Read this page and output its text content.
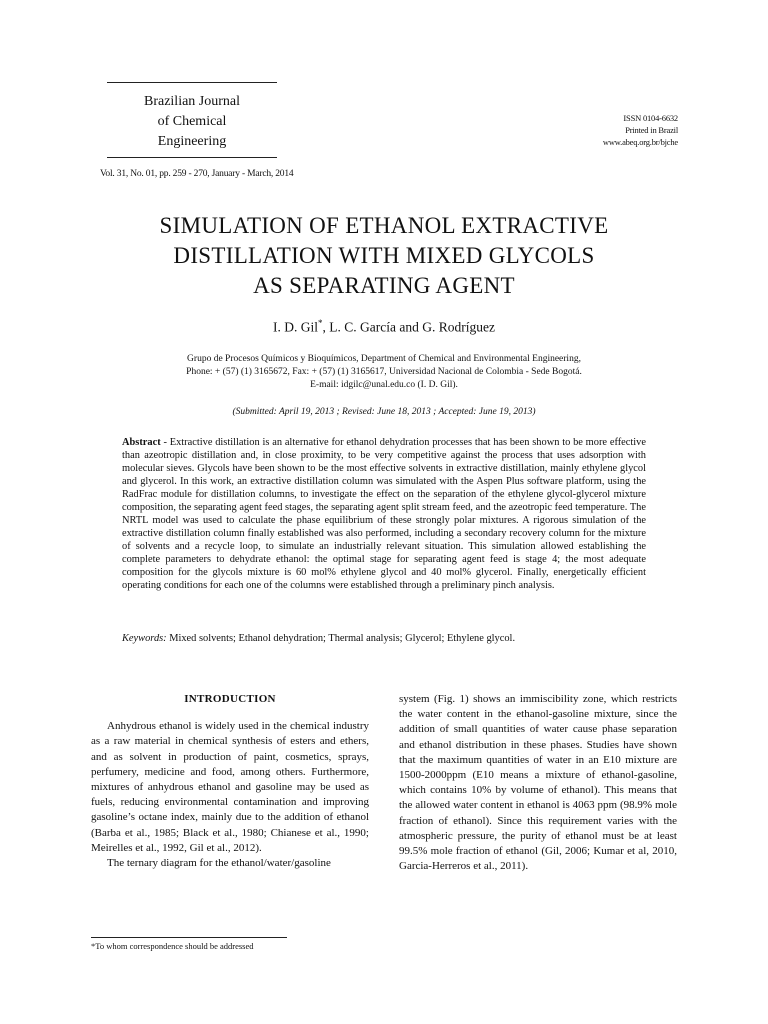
Brazilian Journal
of Chemical
Engineering
ISSN 0104-6632
Printed in Brazil
www.abeq.org.br/bjche
Vol. 31, No. 01, pp. 259 - 270, January - March, 2014
SIMULATION OF ETHANOL EXTRACTIVE
DISTILLATION WITH MIXED GLYCOLS
AS SEPARATING AGENT
I. D. Gil*, L. C. García and G. Rodríguez
Grupo de Procesos Químicos y Bioquímicos, Department of Chemical and Environmental Engineering,
Phone: + (57) (1) 3165672, Fax: + (57) (1) 3165617, Universidad Nacional de Colombia - Sede Bogotá.
E-mail: idgilc@unal.edu.co (I. D. Gil).
(Submitted: April 19, 2013 ; Revised: June 18, 2013 ; Accepted: June 19, 2013)
Abstract - Extractive distillation is an alternative for ethanol dehydration processes that has been shown to be more effective than azeotropic distillation and, in close proximity, to be very competitive against the process that uses adsorption with molecular sieves. Glycols have been shown to be the most effective solvents in extractive distillation, mainly ethylene glycol and glycerol. In this work, an extractive distillation column was simulated with the Aspen Plus software platform, using the RadFrac module for distillation columns, to investigate the effect on the separation of the ethylene glycol-glycerol mixture composition, the separating agent feed stages, the separating agent split stream feed, and the azeotropic feed temperature. The NRTL model was used to calculate the phase equilibrium of these strongly polar mixtures. A rigorous simulation of the extractive distillation column finally established was also performed, including a secondary recovery column for the mixture of solvents and a recycle loop, to simulate an industrially relevant situation. This simulation allowed establishing the complete parameters to dehydrate ethanol: the optimal stage for separating agent feed is stage 4; the most adequate composition for the glycols mixture is 60 mol% ethylene glycol and 40 mol% glycerol. Finally, energetically efficient operating conditions for each one of the columns were established through a preliminary pinch analysis.
Keywords: Mixed solvents; Ethanol dehydration; Thermal analysis; Glycerol; Ethylene glycol.
INTRODUCTION

Anhydrous ethanol is widely used in the chemical industry as a raw material in chemical synthesis of esters and ethers, and as solvent in production of paint, cosmetics, sprays, perfumery, medicine and food, among others. Furthermore, mixtures of anhydrous ethanol and gasoline may be used as fuels, reducing environmental contamination and improving gasoline’s octane index, mainly due to the addition of ethanol (Barba et al., 1985; Black et al., 1980; Chianese et al., 1990; Meirelles et al., 1992, Gil et al., 2012).

The ternary diagram for the ethanol/water/gasoline

system (Fig. 1) shows an immiscibility zone, which restricts the water content in the ethanol-gasoline mixture, since the addition of small quantities of water cause phase separation and ethanol distribution in these phases. Studies have shown that the maximum quantities of water in an E10 mixture are 1500-2000ppm (E10 means a mixture of ethanol-gasoline, which contains 10% by volume of ethanol). This means that the allowed water content in ethanol is 4063 ppm (98.9% mole fraction of ethanol). Since this requirement varies with the atmospheric pressure, the purity of ethanol must be at least 99.5% mole fraction of ethanol (Gil, 2006; Kumar et al, 2010, Garcia-Herreros et al., 2011).

*To whom correspondence should be addressed
